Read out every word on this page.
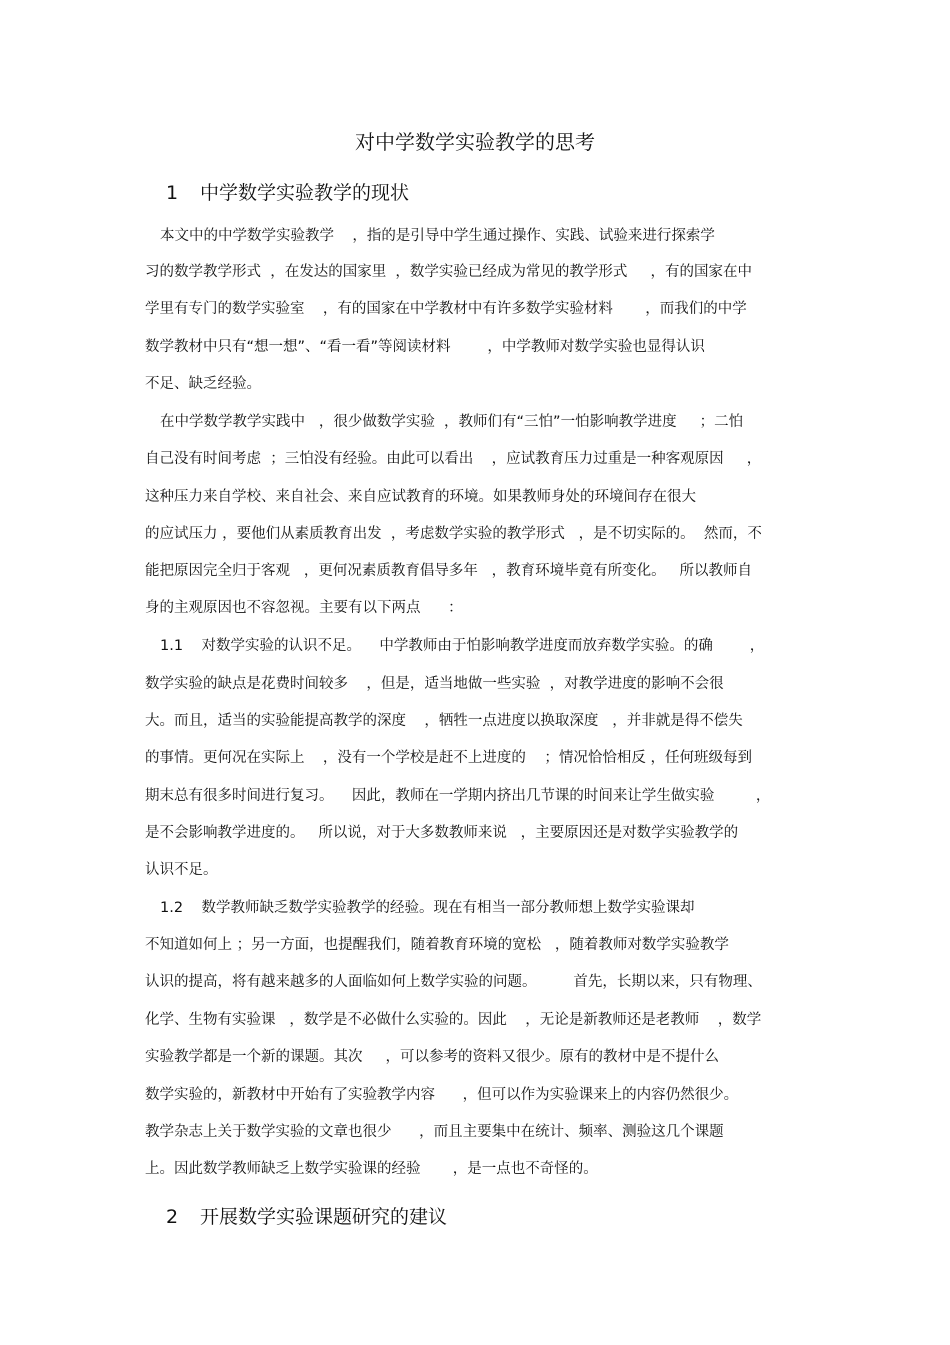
对中学数学实验教学的思考
1 中学数学实验教学的现状
本文中的中学数学实验教学    ，指的是引导中学生通过操作、实践、试验来进行探索学
习的数学教学形式  ，在发达的国家里  ，数学实验已经成为常见的教学形式     ，有的国家在中
学里有专门的数学实验室    ，有的国家在中学教材中有许多数学实验材料       ，而我们的中学
数学教材中只有“想一想”、“看一看”等阅读材料        ，中学教师对数学实验也显得认识
不足、缺乏经验。
在中学数学教学实践中   ，很少做数学实验  ，教师们有“三怕”一怕影响教学进度     ；二怕
自己没有时间考虑  ；三怕没有经验。由此可以看出    ，应试教育压力过重是一种客观原因     ，
这种压力来自学校、来自社会、来自应试教育的环境。如果教师身处的环境间存在很大
的应试压力 ，要他们从素质教育出发  ，考虑数学实验的教学形式   ，是不切实际的。  然而，不
能把原因完全归于客观   ，更何况素质教育倡导多年   ，教育环境毕竟有所变化。   所以教师自
身的主观原因也不容忽视。主要有以下两点      ：
1.1    对数学实验的认识不足。    中学教师由于怕影响教学进度而放弃数学实验。的确        ，
数学实验的缺点是花费时间较多    ，但是，适当地做一些实验  ，对教学进度的影响不会很
大。而且，适当的实验能提高教学的深度    ，牺牲一点进度以换取深度   ，并非就是得不偿失
的事情。更何况在实际上    ，没有一个学校是赶不上进度的    ；情况恰恰相反 ，任何班级每到
期末总有很多时间进行复习。    因此，教师在一学期内挤出几节课的时间来让学生做实验         ，
是不会影响教学进度的。   所以说，对于大多数教师来说   ，主要原因还是对数学实验教学的
认识不足。
1.2    数学教师缺乏数学实验教学的经验。现在有相当一部分教师想上数学实验课却
不知道如何上 ；另一方面，也提醒我们，随着教育环境的宽松   ，随着教师对数学实验教学
认识的提高，将有越来越多的人面临如何上数学实验的问题。        首先，长期以来，只有物理、
化学、生物有实验课   ，数学是不必做什么实验的。因此    ，无论是新教师还是老教师    ，数学
实验教学都是一个新的课题。其次     ，可以参考的资料又很少。原有的教材中是不提什么
数学实验的，新教材中开始有了实验教学内容      ，但可以作为实验课来上的内容仍然很少。
教学杂志上关于数学实验的文章也很少      ，而且主要集中在统计、频率、测验这几个课题
上。因此数学教师缺乏上数学实验课的经验       ，是一点也不奇怪的。
2 开展数学实验课题研究的建议
